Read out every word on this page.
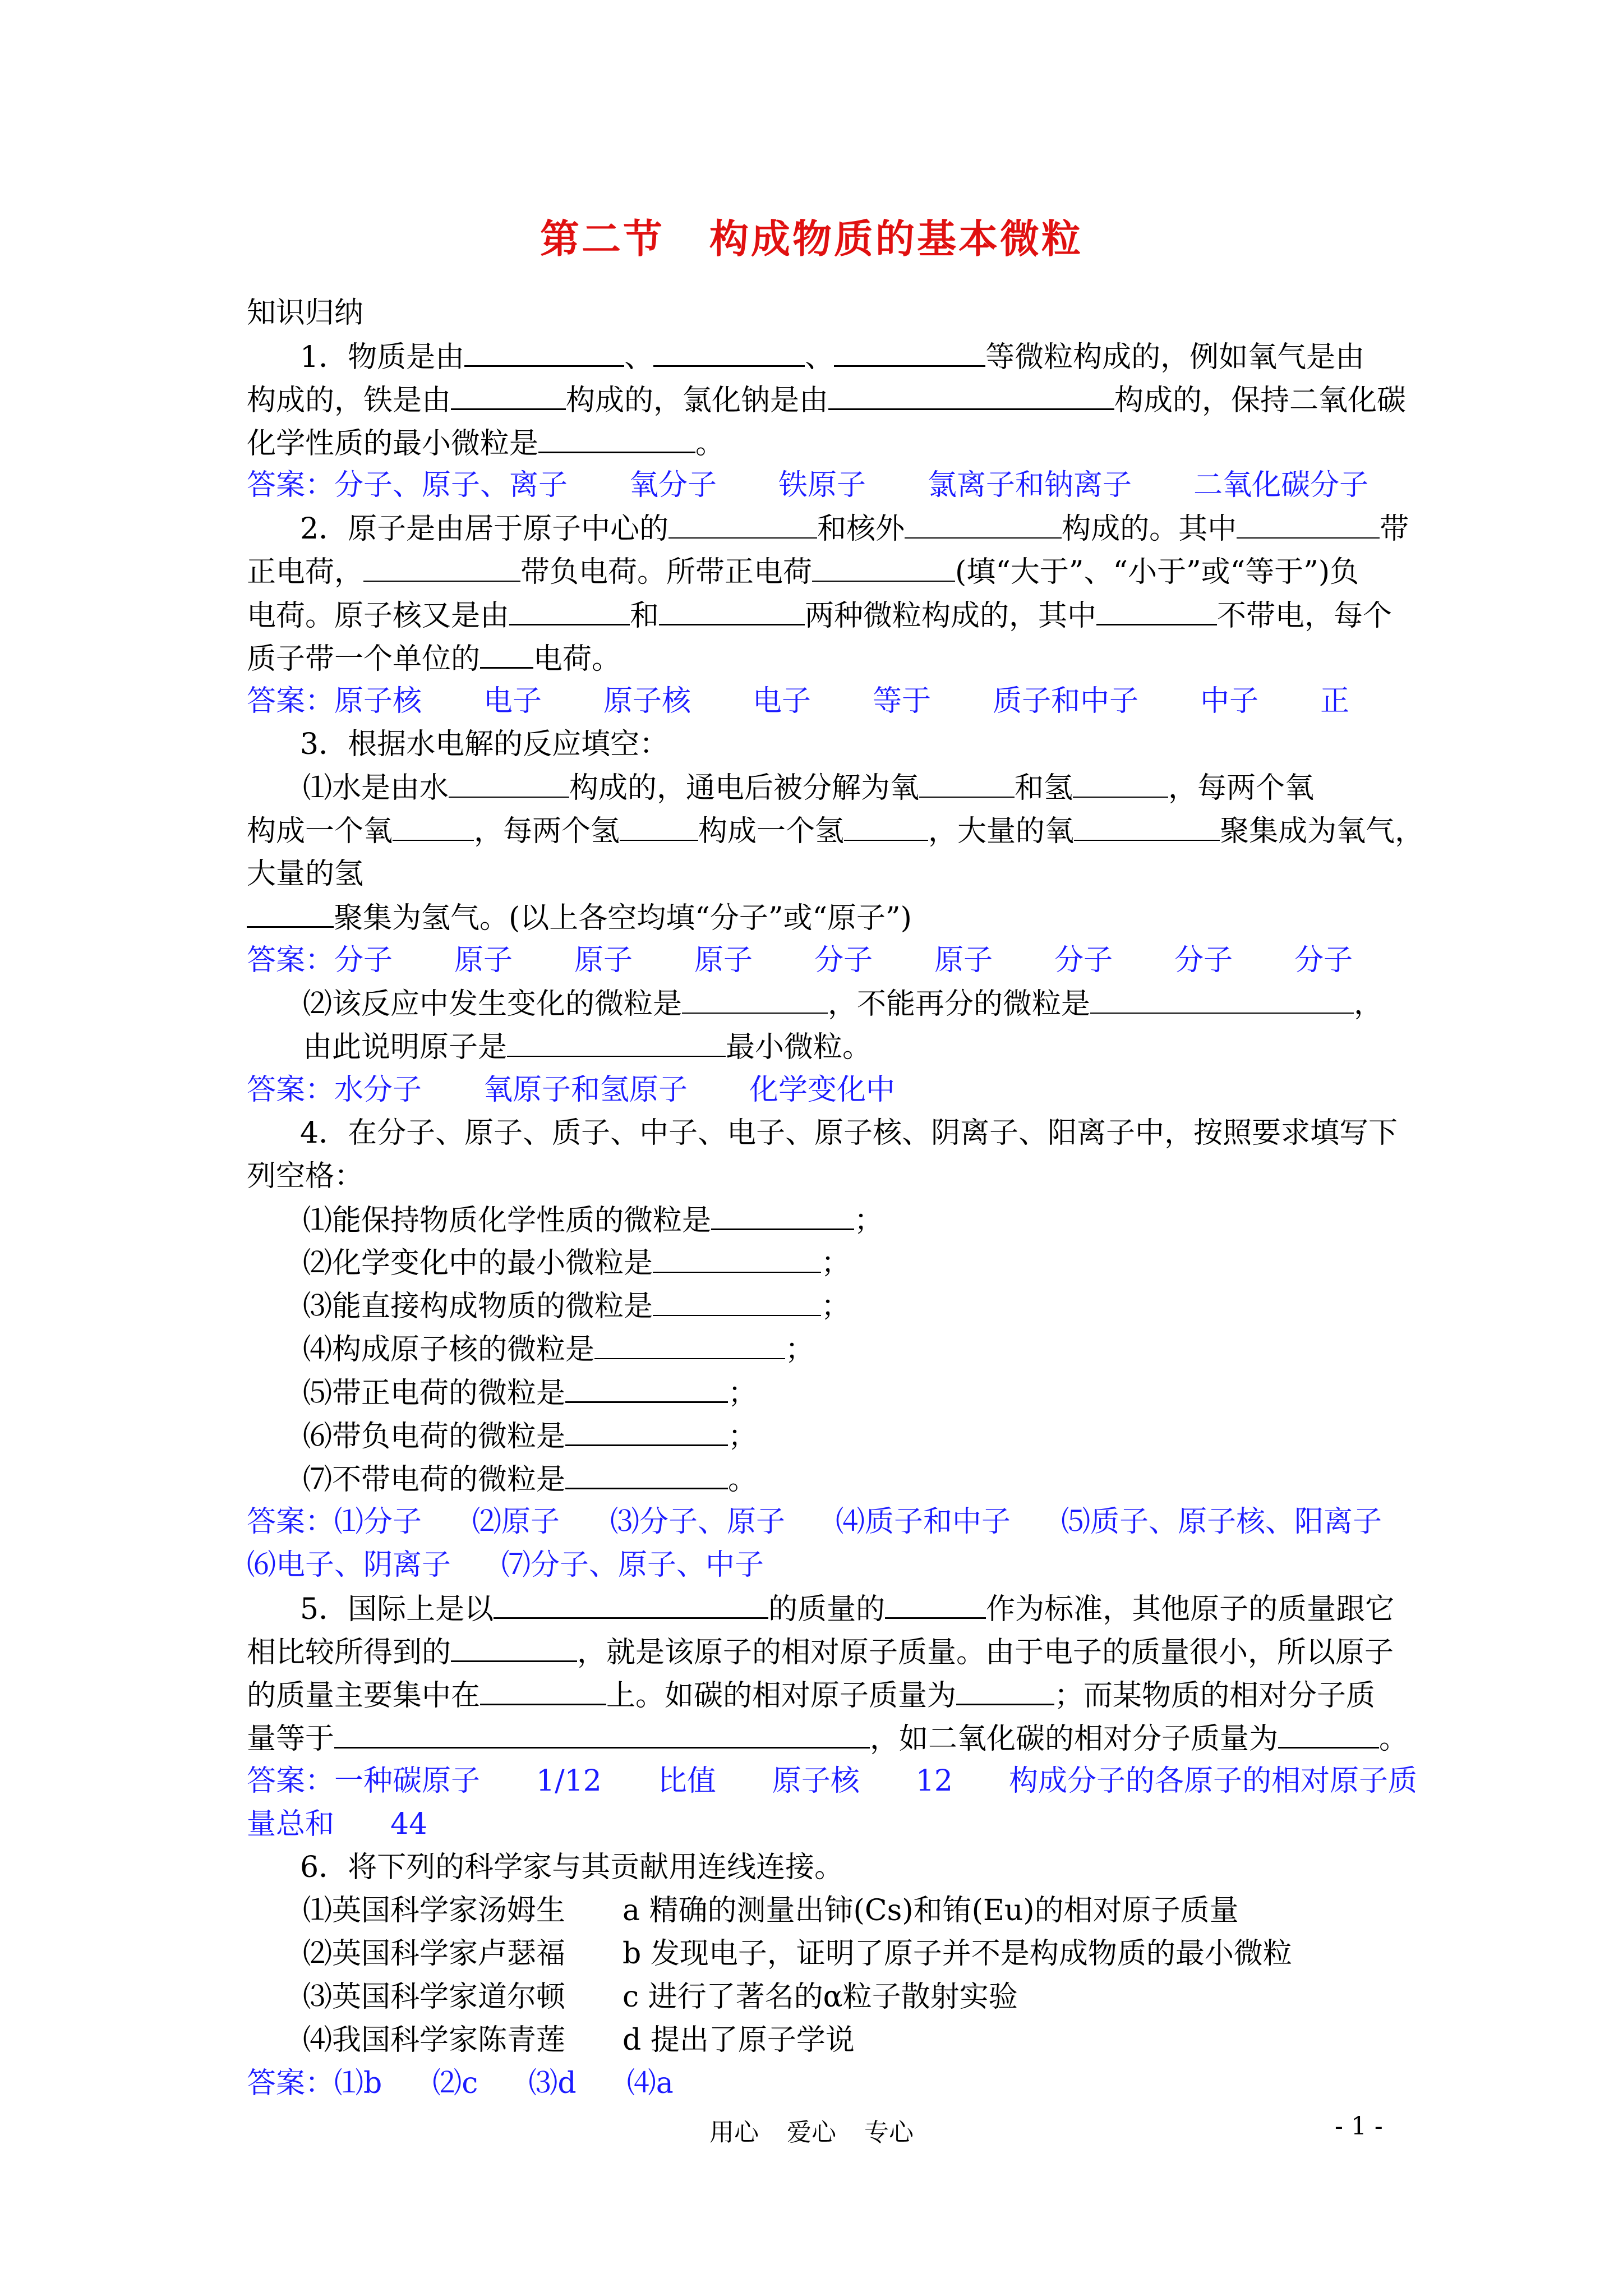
第二节 构成物质的基本微粒
知识归纳
1．物质是由	、	、	等微粒构成的，例如氧气是由
构成的，铁是由	构成的，氯化钠是由	构成的，保持二氧化碳
化学性质的最小微粒是	。
答案：分子、原子、离子 氧分子 铁原子 氯离子和钠离子 二氧化碳分子
2．原子是由居于原子中心的	和核外	构成的。其中	带
正电荷，	带负电荷。所带正电荷	(填“大于”、“小于”或“等于”)负
电荷。原子核又是由	和	两种微粒构成的，其中	不带电，每个
质子带一个单位的 电荷。
答案：原子核 电子 原子核 电子 等于 质子和中子 中子 正
3．根据水电解的反应填空：
⑴水是由水	构成的，通电后被分解为氧	和氢	，每两个氧
构成一个氧	，每两个氢	构成一个氢	，大量的氧	聚集成为氧气，
大量的氢
聚集为氢气。(以上各空均填“分子”或“原子”)
答案：分子 原子 原子 原子 分子 原子 分子 分子 分子
⑵该反应中发生变化的微粒是	，不能再分的微粒是	，
由此说明原子是	最小微粒。
答案：水分子 氧原子和氢原子 化学变化中
4．在分子、原子、质子、中子、电子、原子核、阴离子、阳离子中，按照要求填写下
列空格：
⑴能保持物质化学性质的微粒是	；
⑵化学变化中的最小微粒是	；
⑶能直接构成物质的微粒是	；
⑷构成原子核的微粒是	；
⑸带正电荷的微粒是	；
⑹带负电荷的微粒是	；
⑺不带电荷的微粒是	。
答案：⑴分子 ⑵原子 ⑶分子、原子 ⑷质子和中子 ⑸质子、原子核、阳离子
⑹电子、阴离子 ⑺分子、原子、中子
5．国际上是以	的质量的	作为标准，其他原子的质量跟它
相比较所得到的	，就是该原子的相对原子质量。由于电子的质量很小，所以原子
的质量主要集中在	上。如碳的相对原子质量为	；而某物质的相对分子质
量等于	，如二氧化碳的相对分子质量为	。
答案：一种碳原子 1/12 比值 原子核 12 构成分子的各原子的相对原子质
量总和 44
6．将下列的科学家与其贡献用连线连接。
⑴英国科学家汤姆生 a 精确的测量出铈(Cs)和铕(Eu)的相对原子质量
⑵英国科学家卢瑟福 b 发现电子，证明了原子并不是构成物质的最小微粒
⑶英国科学家道尔顿 c 进行了著名的α粒子散射实验
⑷我国科学家陈青莲 d 提出了原子学说
答案：⑴b ⑵c ⑶d ⑷a
用心 爱心 专心	- 1 -
